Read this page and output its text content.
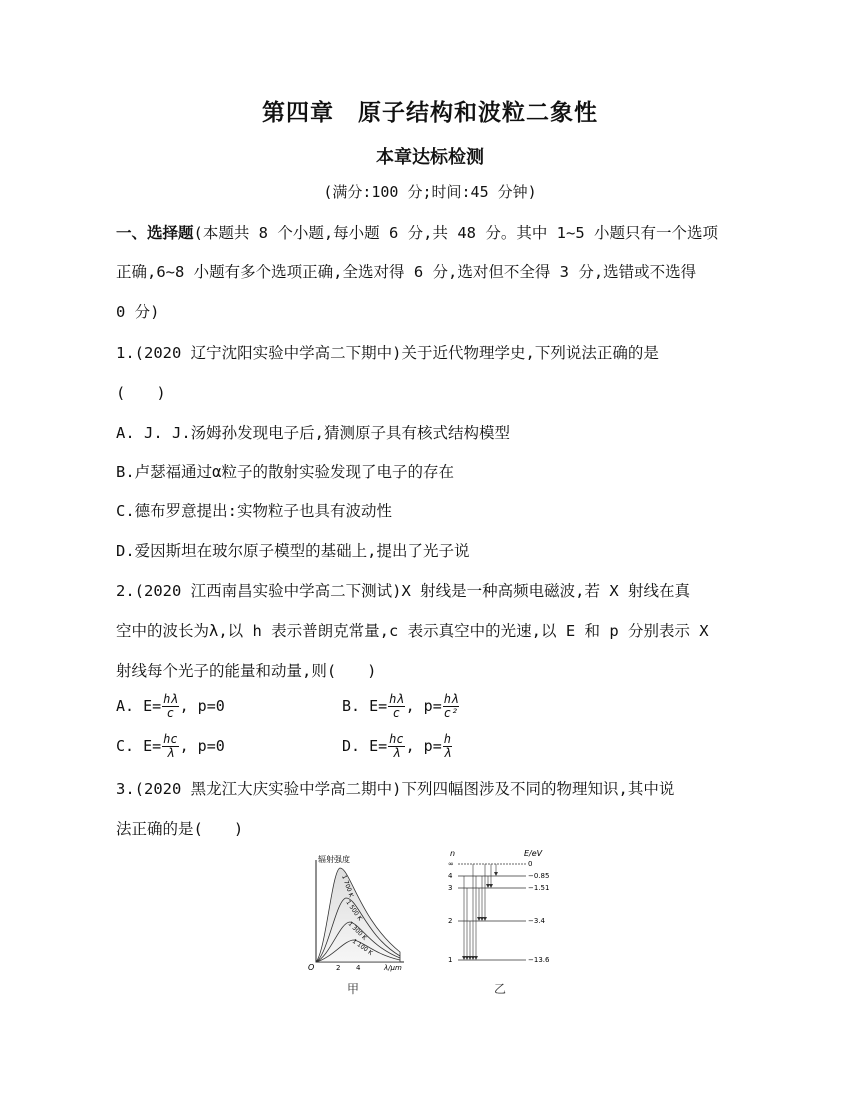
第四章　原子结构和波粒二象性
本章达标检测
(满分:100 分;时间:45 分钟)
一、选择题(本题共 8 个小题,每小题 6 分,共 48 分。其中 1~5 小题只有一个选项
正确,6~8 小题有多个选项正确,全选对得 6 分,选对但不全得 3 分,选错或不选得
0 分)
1.(2020 辽宁沈阳实验中学高二下期中)关于近代物理学史,下列说法正确的是
(　　)
A. J. J.汤姆孙发现电子后,猜测原子具有核式结构模型
B.卢瑟福通过α粒子的散射实验发现了电子的存在
C.德布罗意提出:实物粒子也具有波动性
D.爱因斯坦在玻尔原子模型的基础上,提出了光子说
2.(2020 江西南昌实验中学高二下测试)X 射线是一种高频电磁波,若 X 射线在真
空中的波长为λ,以 h 表示普朗克常量,c 表示真空中的光速,以 E 和 p 分别表示 X
射线每个光子的能量和动量,则(　　)
A. $E= \frac{h\lambda}{c}$ , p=0	B. $E= \frac{h\lambda}{c}$ , $p= \frac{h\lambda}{\text{c²}}$
C. $E= \frac{hc}{\lambda}$ , p=0	D. $E= \frac{hc}{\lambda}$ , $p= \frac{h}{\lambda}$
3.(2020 黑龙江大庆实验中学高二期中)下列四幅图涉及不同的物理知识,其中说
法正确的是(　　)
辐射强度
λ/μm
O	2 4
1 700 K
1 500 K
1 300 K
1 100 K
甲
n	E/eV
∞
4
3
2
1
0
−0.85
−1.51
−3.4
−13.6
乙
